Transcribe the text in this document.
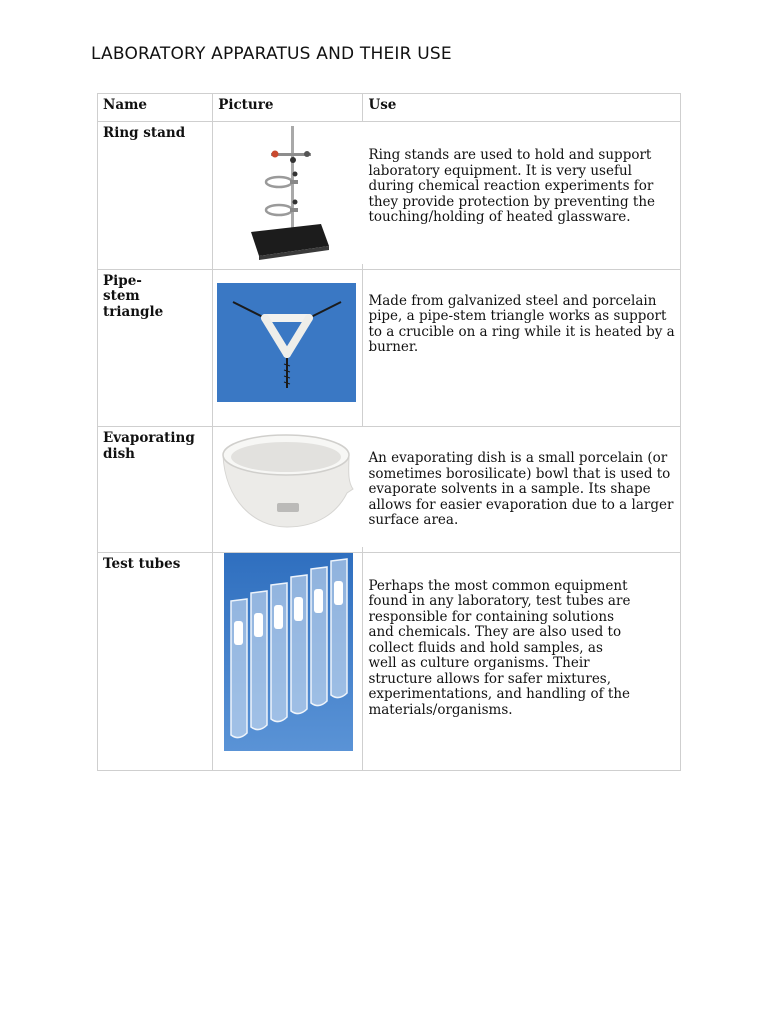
LABORATORY APPARATUS AND THEIR USE
Name	Picture	Use

Ring stand		Ring stands are used to hold and support laboratory equipment. It is very useful during chemical reaction experiments for they provide protection by preventing the touching/holding of heated glassware.

Pipe-stem triangle		Made from galvanized steel and porcelain pipe, a pipe-stem triangle works as support to a crucible on a ring while it is heated by a burner.

Evaporating dish		An evaporating dish is a small porcelain (or sometimes borosilicate) bowl that is used to evaporate solvents in a sample. Its shape allows for easier evaporation due to a larger surface area.

Test tubes		Perhaps the most common equipment found in any laboratory, test tubes are responsible for containing solutions and chemicals. They are also used to collect fluids and hold samples, as well as culture organisms. Their structure allows for safer mixtures, experimentations, and handling of the materials/organisms.
